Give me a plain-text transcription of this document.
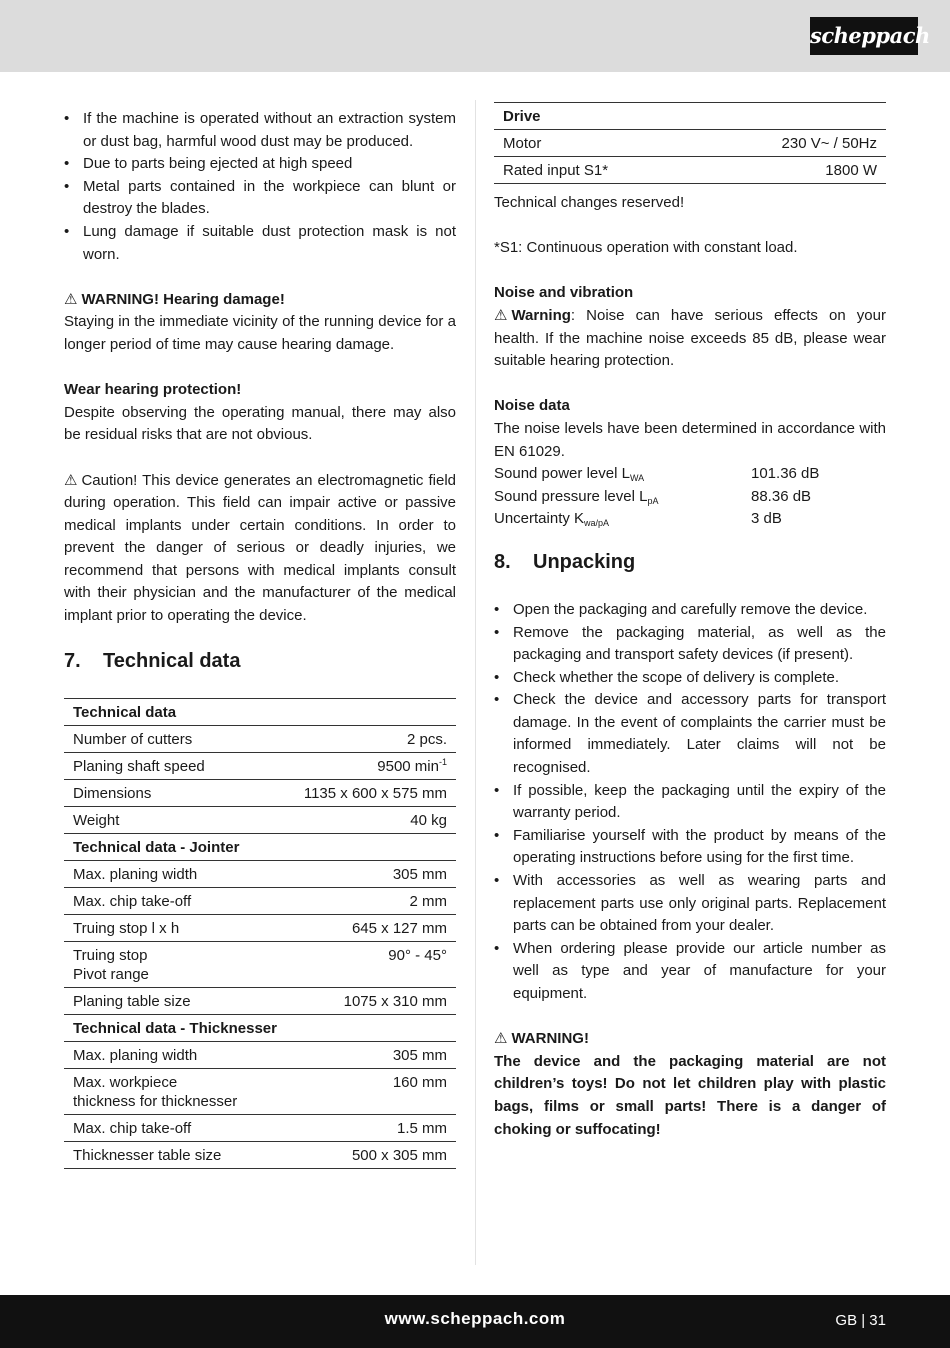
scheppach
• If the machine is operated without an extraction system or dust bag, harmful wood dust may be produced.
• Due to parts being ejected at high speed
• Metal parts contained in the workpiece can blunt or destroy the blades.
• Lung damage if suitable dust protection mask is not worn.

⚠ WARNING! Hearing damage!

Staying in the immediate vicinity of the running device for a longer period of time may cause hearing damage.

Wear hearing protection!

Despite observing the operating manual, there may also be residual risks that are not obvious.

⚠ Caution! This device generates an electromagnetic field during operation. This field can impair active or passive medical implants under certain conditions. In order to prevent the danger of serious or deadly injuries, we recommend that persons with medical implants consult with their physician and the manufacturer of the medical implant prior to operating the device.

7.	Technical data
Technical data	
Number of cutters	2 pcs.
Planing shaft speed	9500 $\min^{-1}$
Dimensions	1135 x 600 x 575 mm
Weight	40 kg
Technical data - Jointer	
Max. planing width	305 mm
Max. chip take-off	2 mm
Truing stop l x h	645 x 127 mm
Truing stop
Pivot range	90° - 45°
Planing table size	1075 x 310 mm
Technical data - Thicknesser	
Max. planing width	305 mm
Max. workpiece
thickness for thicknesser	160 mm
Max. chip take-off	1.5 mm
Thicknesser table size	500 x 305 mm
Drive	
Motor	230 V~ / 50Hz
Rated input S1*	1800 W

Technical changes reserved!

*S1: Continuous operation with constant load.

Noise and vibration

⚠ Warning: Noise can have serious effects on your health. If the machine noise exceeds 85 dB, please wear suitable hearing protection.

Noise data

The noise levels have been determined in accordance with EN 61029.

Sound power level $L_{WA}$	101.36 dB
Sound pressure level $L_{pA}$	88.36 dB
Uncertainty $K_{wa/pA}$	3 dB
8.	Unpacking
• Open the packaging and carefully remove the device.
• Remove the packaging material, as well as the packaging and transport safety devices (if present).
• Check whether the scope of delivery is complete.
• Check the device and accessory parts for transport damage. In the event of complaints the carrier must be informed immediately. Later claims will not be recognised.
• If possible, keep the packaging until the expiry of the warranty period.
• Familiarise yourself with the product by means of the operating instructions before using for the first time.
• With accessories as well as wearing parts and replacement parts use only original parts. Replacement parts can be obtained from your dealer.
• When ordering please provide our article number as well as type and year of manufacture for your equipment.

⚠ WARNING!

The device and the packaging material are not children’s toys! Do not let children play with plastic bags, films or small parts! There is a danger of choking or suffocating!

www.scheppach.com	GB | 31
